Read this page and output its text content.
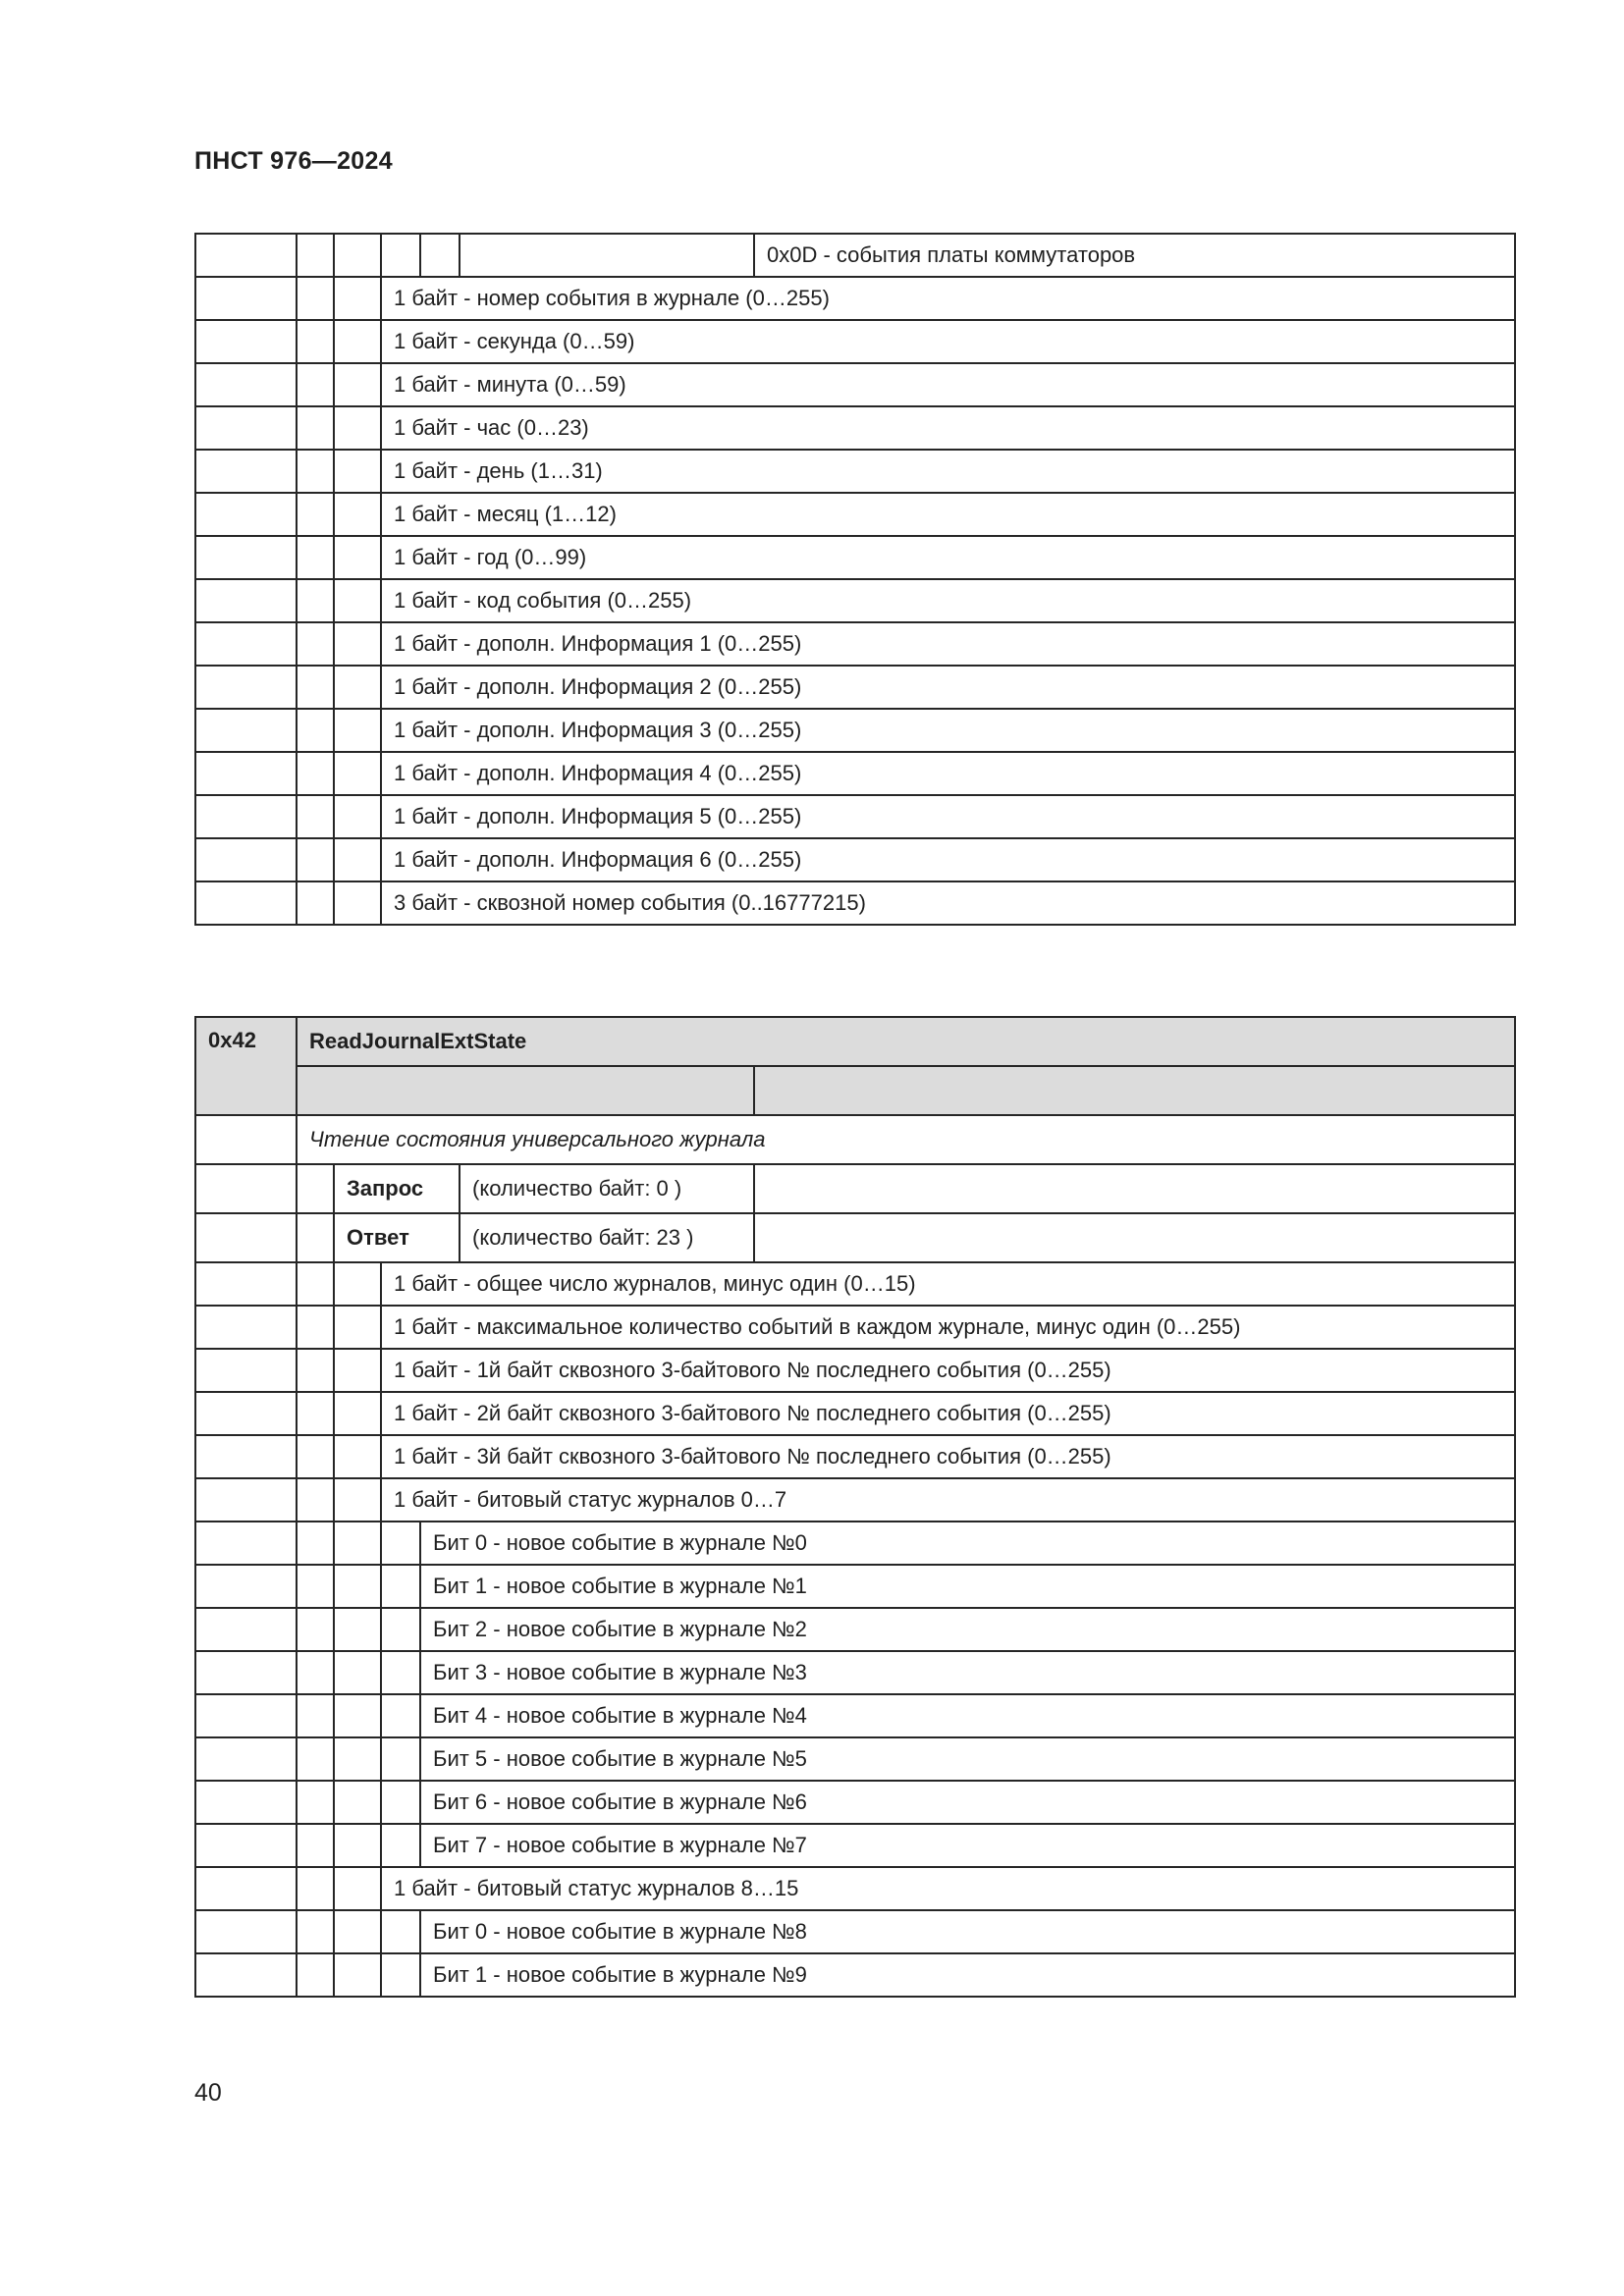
ПНСТ 976—2024
						0x0D - события платы коммутаторов
			1 байт - номер события в журнале (0…255)			
			1 байт - секунда (0…59)			
			1 байт - минута (0…59)			
			1 байт - час (0…23)			
			1 байт - день (1…31)			
			1 байт - месяц (1…12)			
			1 байт - год (0…99)			
			1 байт - код события (0…255)			
			1 байт - дополн. Информация 1 (0…255)			
			1 байт - дополн. Информация 2 (0…255)			
			1 байт - дополн. Информация 3 (0…255)			
			1 байт - дополн. Информация 4 (0…255)			
			1 байт - дополн. Информация 5 (0…255)			
			1 байт - дополн. Информация 6 (0…255)			
			3 байт - сквозной номер события (0..16777215)			
0x42	ReadJournalExtState					

	Чтение состояния универсального журнала					
		Запрос			(количество байт: 0 )	
		Ответ			(количество байт: 23 )	
			1 байт - общее число журналов, минус один (0…15)			
			1 байт - максимальное количество событий в каждом журнале, минус один (0…255)			
			1 байт - 1й байт сквозного 3-байтового № последнего события (0…255)			
			1 байт - 2й байт сквозного 3-байтового № последнего события (0…255)			
			1 байт - 3й байт сквозного 3-байтового № последнего события (0…255)			
			1 байт - битовый статус журналов 0…7			
				Бит 0 - новое событие в журнале №0		
				Бит 1 - новое событие в журнале №1		
				Бит 2 - новое событие в журнале №2		
				Бит 3 - новое событие в журнале №3		
				Бит 4 - новое событие в журнале №4		
				Бит 5 - новое событие в журнале №5		
				Бит 6 - новое событие в журнале №6		
				Бит 7 - новое событие в журнале №7		
			1 байт - битовый статус журналов 8…15			
				Бит 0 - новое событие в журнале №8		
				Бит 1 - новое событие в журнале №9		
40
